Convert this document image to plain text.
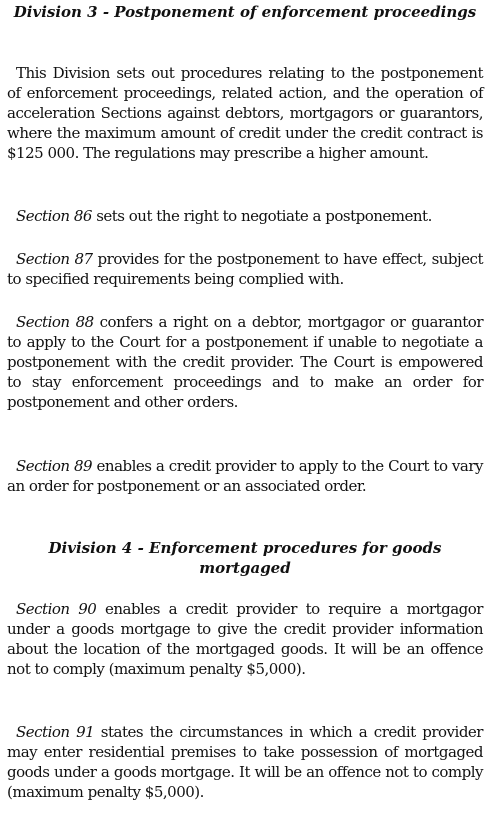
Division 3 - Postponement of enforcement proceedings

This Division sets out procedures relating to the postponement of enforcement proceedings, related action, and the operation of acceleration Sections against debtors, mortgagors or guarantors, where the maximum amount of credit under the credit contract is $125 000. The regulations may prescribe a higher amount.

Section 86 sets out the right to negotiate a postponement.

Section 87 provides for the postponement to have effect, subject to specified requirements being complied with.

Section 88 confers a right on a debtor, mortgagor or guarantor to apply to the Court for a postponement if unable to negotiate a postponement with the credit provider. The Court is empowered to stay enforcement proceedings and to make an order for postponement and other orders.

Section 89 enables a credit provider to apply to the Court to vary an order for postponement or an associated order.

Division 4 - Enforcement procedures for goods mortgaged

Section 90 enables a credit provider to require a mortgagor under a goods mortgage to give the credit provider information about the location of the mortgaged goods. It will be an offence not to comply (maximum penalty $5,000).

Section 91 states the circumstances in which a credit provider may enter residential premises to take possession of mortgaged goods under a goods mortgage. It will be an offence not to comply (maximum penalty $5,000).
